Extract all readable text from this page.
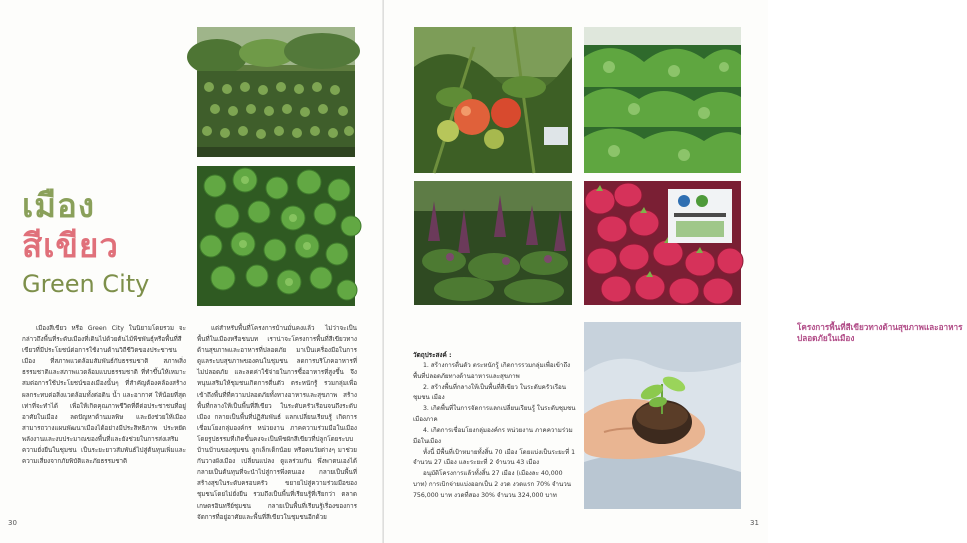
เมือง
สีเขียว
Green City

เมืองสีเขียว หรือ Green City ในนิยามโดยรวม จะกล่าวถึงพื้นที่ระดับเมืองที่เดินไปด้วยต้นไม้พืชพันธุ์หรือพื้นที่สีเขียวที่มีประโยชน์ต่อการใช้งานด้านวิถีชีวิตของประชาชน เมือง ที่สภาพแวดล้อมสัมพันธ์กับธรรมชาติ สภาพสิ่งธรรมชาติและสภาพแวดล้อมแบบธรรมชาติ ที่ทำขึ้นให้เหมาะสมต่อการใช้ประโยชน์ของเมืองนั้นๆ ที่สำคัญต้องคล้องสร้างผลกระทบต่อสิ่งแวดล้อมทั้งต่อดิน น้ำ และอากาศ ให้น้อยที่สุดเท่าที่จะทำได้ เพื่อให้เกิดคุณภาพชีวิตที่ดีต่อประชาชนที่อยู่อาศัยในเมือง ลดปัญหาด้านมลพิษ และยังช่วยให้เมืองสามารถวางแผนพัฒนาเมืองได้อย่างมีประสิทธิภาพ ประหยัดพลังงานและงบประมาณของพื้นที่และยังช่วยในการส่งเสริมความยั่งยืนในชุมชน เป็นระยะยาวสัมพันธ์ไปสู่ต้นทุนเพิ่มและความเสี่ยงจากภัยพิบัติและภัยธรรมชาติ

แต่สำหรับพื้นที่โครงการบ้านมั่นคงแล้ว ไม่ว่าจะเป็นพื้นที่ในเมืองหรือชนบท เราน่าจะโครงการพื้นที่สีเขียวทางด้านสุขภาพและอาหารที่ปลอดภัย มาเป็นเครื่องมือในการดูแลระบบสุขภาพของคนในชุมชน ลดการบริโภคอาหารที่ไม่ปลอดภัย และลดค่าใช้จ่ายในการซื้ออาหารที่สูงขึ้น จึงหนุนเสริมให้ชุมชนเกิดการตื่นตัว ตระหนักรู้ รวมกลุ่มเพื่อเข้าถึงพื้นที่ที่ความปลอดภัยทั้งทางอาหารและสุขภาพ สร้างพื้นที่กลางให้เป็นพื้นที่สีเขียว ในระดับครัวเรือนจนถึงระดับเมือง กลายเป็นพื้นที่ปฏิสัมพันธ์ แลกเปลี่ยนเรียนรู้ เกิดการเชื่อมโยงกลุ่มองค์กร หน่วยงาน ภาคความร่วมมือในเมือง โดยรูปธรรมที่เกิดขึ้นคงจะเป็นพืชผักสีเขียวที่ปลูกโดยระบบบ้านบ้านของชุมชน ลูกเล็กเด็กน้อย หรือคนวัยต่างๆ มาช่วยกันวางผังเมือง เปลี่ยนแปลง ดูแลร่วมกัน พึ่งพาตนเองได้ กลายเป็นต้นทุนที่จะนำไปสู่การพึ่งตนเอง กลายเป็นพื้นที่สร้างสุขในระดับครอบครัว ขยายไปสู่ความร่วมมือของชุมชนโดยไม่ยั่งยืน รวมถึงเป็นพื้นที่เรียนรู้ที่เรียกว่า ตลาดเกษตรอินทรีย์ชุมชน กลายเป็นพื้นที่เรียนรู้เรื่องของการจัดการที่อยู่อาศัยและพื้นที่สีเขียวในชุมชนอีกด้วย

30
โครงการพื้นที่สีเขียวทางด้านสุขภาพและอาหารปลอดภัยในเมือง
วัตถุประสงค์ :

1. สร้างการตื่นตัว ตระหนักรู้ เกิดการรวมกลุ่มเพื่อเข้าถึงพื้นที่ปลอดภัยทางด้านอาหารและสุขภาพ

2. สร้างพื้นที่กลางให้เป็นพื้นที่สีเขียว ในระดับครัวเรือน ชุมชน เมือง

3. เกิดพื้นที่ในการจัดการแลกเปลี่ยนเรียนรู้ ในระดับชุมชน เมืองภาค

4. เกิดการเชื่อมโยงกลุ่มองค์กร หน่วยงาน ภาคความร่วมมือในเมือง

ทั้งนี้ มีพื้นที่เป้าหมายทั้งสิ้น 70 เมือง โดยแบ่งเป็นระยะที่ 1 จำนวน 27 เมือง และระยะที่ 2 จำนวน 43 เมือง

อนุมัติโครงการแล้วทั้งสิ้น 27 เมือง (เมืองละ 40,000 บาท) การเบิกจ่ายแบ่งออกเป็น 2 งวด งวดแรก 70% จำนวน 756,000 บาท งวดที่สอง 30% จำนวน 324,000 บาท

31
